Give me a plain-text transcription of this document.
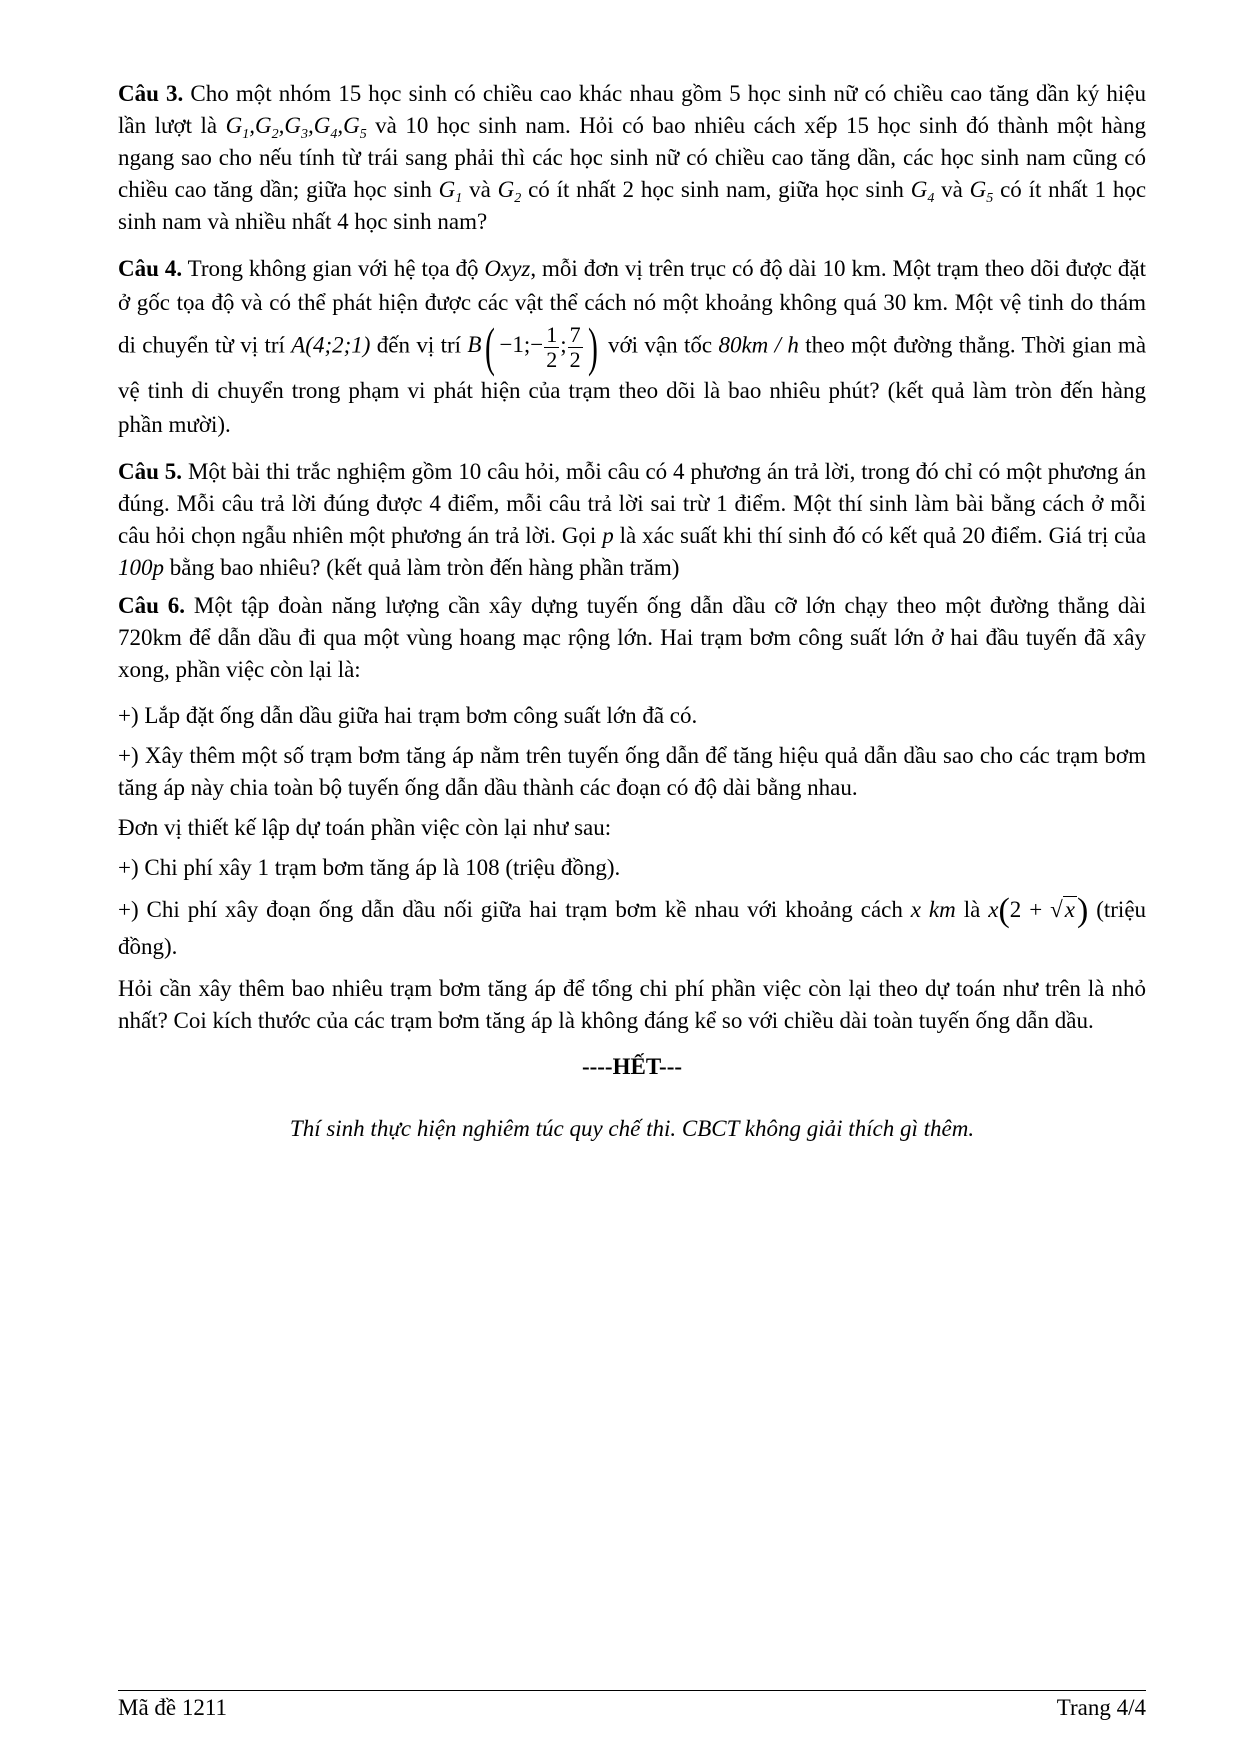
Câu 3. Cho một nhóm 15 học sinh có chiều cao khác nhau gồm 5 học sinh nữ có chiều cao tăng dần ký hiệu lần lượt là $G_1,G_2,G_3,G_4,G_5$ và 10 học sinh nam. Hỏi có bao nhiêu cách xếp 15 học sinh đó thành một hàng ngang sao cho nếu tính từ trái sang phải thì các học sinh nữ có chiều cao tăng dần, các học sinh nam cũng có chiều cao tăng dần; giữa học $\sinh G_1$ và $G_2$ có ít nhất 2 học sinh nam, giữa học $\sinh G_4$ và $G_5$ có ít nhất 1 học sinh nam và nhiều nhất 4 học sinh nam?

Câu 4. Trong không gian với hệ tọa độ Oxyz, mỗi đơn vị trên trục có độ dài 10 km. Một trạm theo dõi được đặt ở gốc tọa độ và có thể phát hiện được các vật thể cách nó một khoảng không quá 30 km. Một vệ tinh do thám di chuyển từ vị trí A(4;2;1) đến vị trí B( −1;− $\frac{1}{2}$ ; $\frac{7}{2}$ ) với vận tốc 80km / h theo một đường thẳng. Thời gian mà vệ tinh di chuyển trong phạm vi phát hiện của trạm theo dõi là bao nhiêu phút? (kết quả làm tròn đến hàng phần mười).

Câu 5. Một bài thi trắc nghiệm gồm 10 câu hỏi, mỗi câu có 4 phương án trả lời, trong đó chỉ có một phương án đúng. Mỗi câu trả lời đúng được 4 điểm, mỗi câu trả lời sai trừ 1 điểm. Một thí sinh làm bài bằng cách ở mỗi câu hỏi chọn ngẫu nhiên một phương án trả lời. Gọi p là xác suất khi thí sinh đó có kết quả 20 điểm. Giá trị của 100p bằng bao nhiêu? (kết quả làm tròn đến hàng phần trăm)

Câu 6. Một tập đoàn năng lượng cần xây dựng tuyến ống dẫn dầu cỡ lớn chạy theo một đường thẳng dài 720km để dẫn dầu đi qua một vùng hoang mạc rộng lớn. Hai trạm bơm công suất lớn ở hai đầu tuyến đã xây xong, phần việc còn lại là:

+) Lắp đặt ống dẫn dầu giữa hai trạm bơm công suất lớn đã có.

+) Xây thêm một số trạm bơm tăng áp nằm trên tuyến ống dẫn để tăng hiệu quả dẫn dầu sao cho các trạm bơm tăng áp này chia toàn bộ tuyến ống dẫn dầu thành các đoạn có độ dài bằng nhau.

Đơn vị thiết kế lập dự toán phần việc còn lại như sau:

+) Chi phí xây 1 trạm bơm tăng áp là 108 (triệu đồng).

+) Chi phí xây đoạn ống dẫn dầu nối giữa hai trạm bơm kề nhau với khoảng cách x km là x(2 + √x) (triệu đồng).

Hỏi cần xây thêm bao nhiêu trạm bơm tăng áp để tổng chi phí phần việc còn lại theo dự toán như trên là nhỏ nhất? Coi kích thước của các trạm bơm tăng áp là không đáng kể so với chiều dài toàn tuyến ống dẫn dầu.

----HẾT---

Thí sinh thực hiện nghiêm túc quy chế thi. CBCT không giải thích gì thêm.

Mã đề 1211	Trang 4/4
